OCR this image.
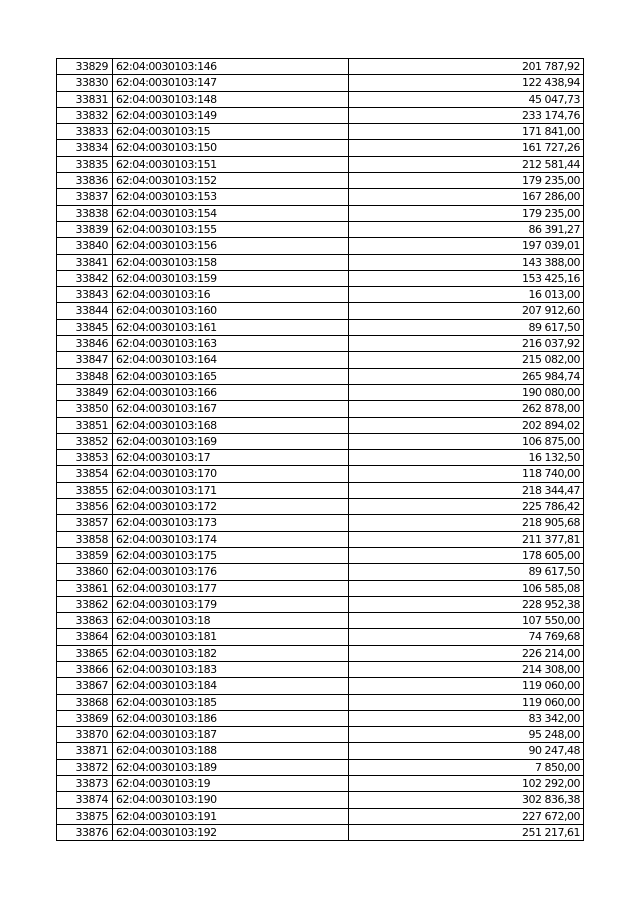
33829	62:04:0030103:146	201 787,92
33830	62:04:0030103:147	122 438,94
33831	62:04:0030103:148	45 047,73
33832	62:04:0030103:149	233 174,76
33833	62:04:0030103:15	171 841,00
33834	62:04:0030103:150	161 727,26
33835	62:04:0030103:151	212 581,44
33836	62:04:0030103:152	179 235,00
33837	62:04:0030103:153	167 286,00
33838	62:04:0030103:154	179 235,00
33839	62:04:0030103:155	86 391,27
33840	62:04:0030103:156	197 039,01
33841	62:04:0030103:158	143 388,00
33842	62:04:0030103:159	153 425,16
33843	62:04:0030103:16	16 013,00
33844	62:04:0030103:160	207 912,60
33845	62:04:0030103:161	89 617,50
33846	62:04:0030103:163	216 037,92
33847	62:04:0030103:164	215 082,00
33848	62:04:0030103:165	265 984,74
33849	62:04:0030103:166	190 080,00
33850	62:04:0030103:167	262 878,00
33851	62:04:0030103:168	202 894,02
33852	62:04:0030103:169	106 875,00
33853	62:04:0030103:17	16 132,50
33854	62:04:0030103:170	118 740,00
33855	62:04:0030103:171	218 344,47
33856	62:04:0030103:172	225 786,42
33857	62:04:0030103:173	218 905,68
33858	62:04:0030103:174	211 377,81
33859	62:04:0030103:175	178 605,00
33860	62:04:0030103:176	89 617,50
33861	62:04:0030103:177	106 585,08
33862	62:04:0030103:179	228 952,38
33863	62:04:0030103:18	107 550,00
33864	62:04:0030103:181	74 769,68
33865	62:04:0030103:182	226 214,00
33866	62:04:0030103:183	214 308,00
33867	62:04:0030103:184	119 060,00
33868	62:04:0030103:185	119 060,00
33869	62:04:0030103:186	83 342,00
33870	62:04:0030103:187	95 248,00
33871	62:04:0030103:188	90 247,48
33872	62:04:0030103:189	7 850,00
33873	62:04:0030103:19	102 292,00
33874	62:04:0030103:190	302 836,38
33875	62:04:0030103:191	227 672,00
33876	62:04:0030103:192	251 217,61
